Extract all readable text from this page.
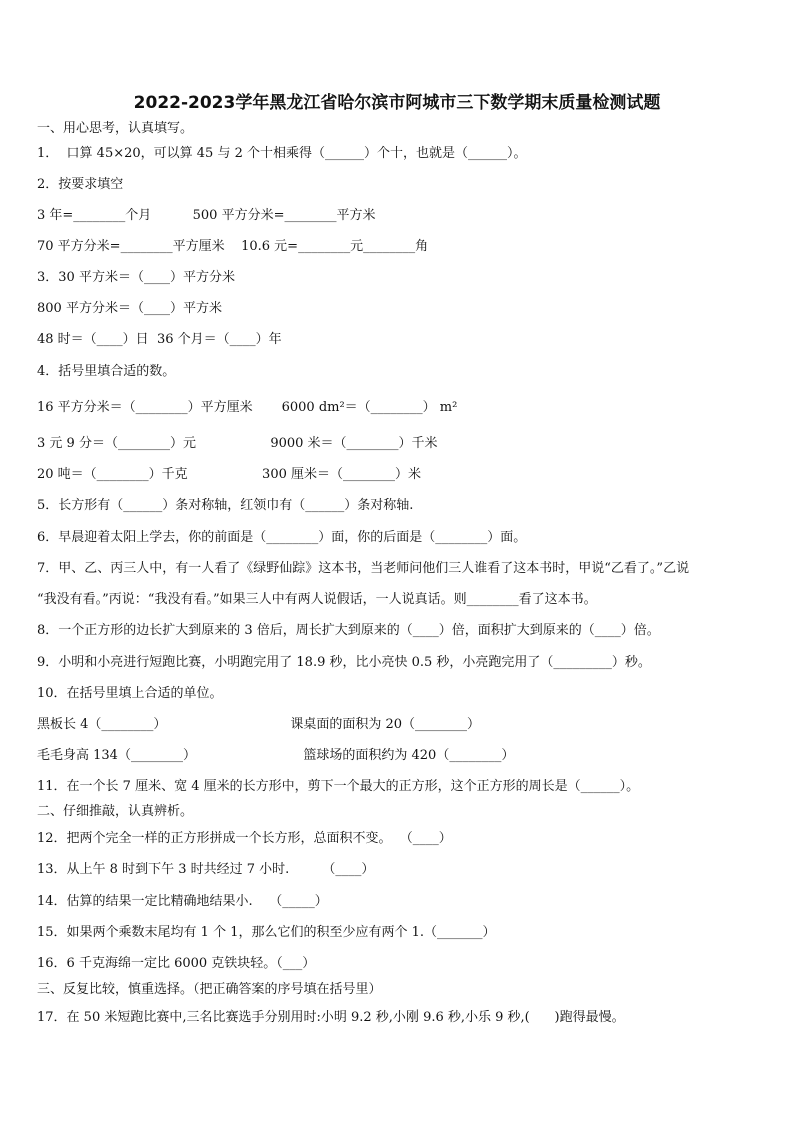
2022-2023学年黑龙江省哈尔滨市阿城市三下数学期末质量检测试题
一、用心思考，认真填写。
1．  口算 45×20，可以算 45 与 2 个十相乘得（______）个十，也就是（______）。
2．按要求填空
3 年=________个月          500 平方分米=________平方米
70 平方分米=________平方厘米    10.6 元=________元________角
3．30 平方米＝（____）平方分米
800 平方分米＝（____）平方米
48 时＝（____）日  36 个月＝（____）年
4．括号里填合适的数。
16 平方分米＝（________）平方厘米       6000 dm²＝（________） m²
3 元 9 分＝（________）元                  9000 米＝（________）千米
20 吨＝（________）千克                  300 厘米＝（________）米
5．长方形有（______）条对称轴，红领巾有（______）条对称轴.
6．早晨迎着太阳上学去，你的前面是（________）面，你的后面是（________）面。
7．甲、乙、丙三人中，有一人看了《绿野仙踪》这本书，当老师问他们三人谁看了这本书时，甲说“乙看了。”乙说
“我没有看。”丙说：“我没有看。”如果三人中有两人说假话，一人说真话。则________看了这本书。
8．一个正方形的边长扩大到原来的 3 倍后，周长扩大到原来的（____）倍，面积扩大到原来的（____）倍。
9．小明和小亮进行短跑比赛，小明跑完用了 18.9 秒，比小亮快 0.5 秒，小亮跑完用了（_________）秒。
10．在括号里填上合适的单位。
黑板长 4（________）                              课桌面的面积为 20（________）
毛毛身高 134（________）                          篮球场的面积约为 420（________）
11．在一个长 7 厘米、宽 4 厘米的长方形中，剪下一个最大的正方形，这个正方形的周长是（______）。
二、仔细推敲，认真辨析。
12．把两个完全一样的正方形拼成一个长方形，总面积不变。  （____）
13．从上午 8 时到下午 3 时共经过 7 小时.        （____）
14．估算的结果一定比精确地结果小.    （_____）
15．如果两个乘数末尾均有 1 个 1，那么它们的积至少应有两个 1.（_______）
16．6 千克海绵一定比 6000 克铁块轻。（___）
三、反复比较，慎重选择。（把正确答案的序号填在括号里）
17．在 50 米短跑比赛中,三名比赛选手分别用时:小明 9.2 秒,小刚 9.6 秒,小乐 9 秒,(      )跑得最慢。
